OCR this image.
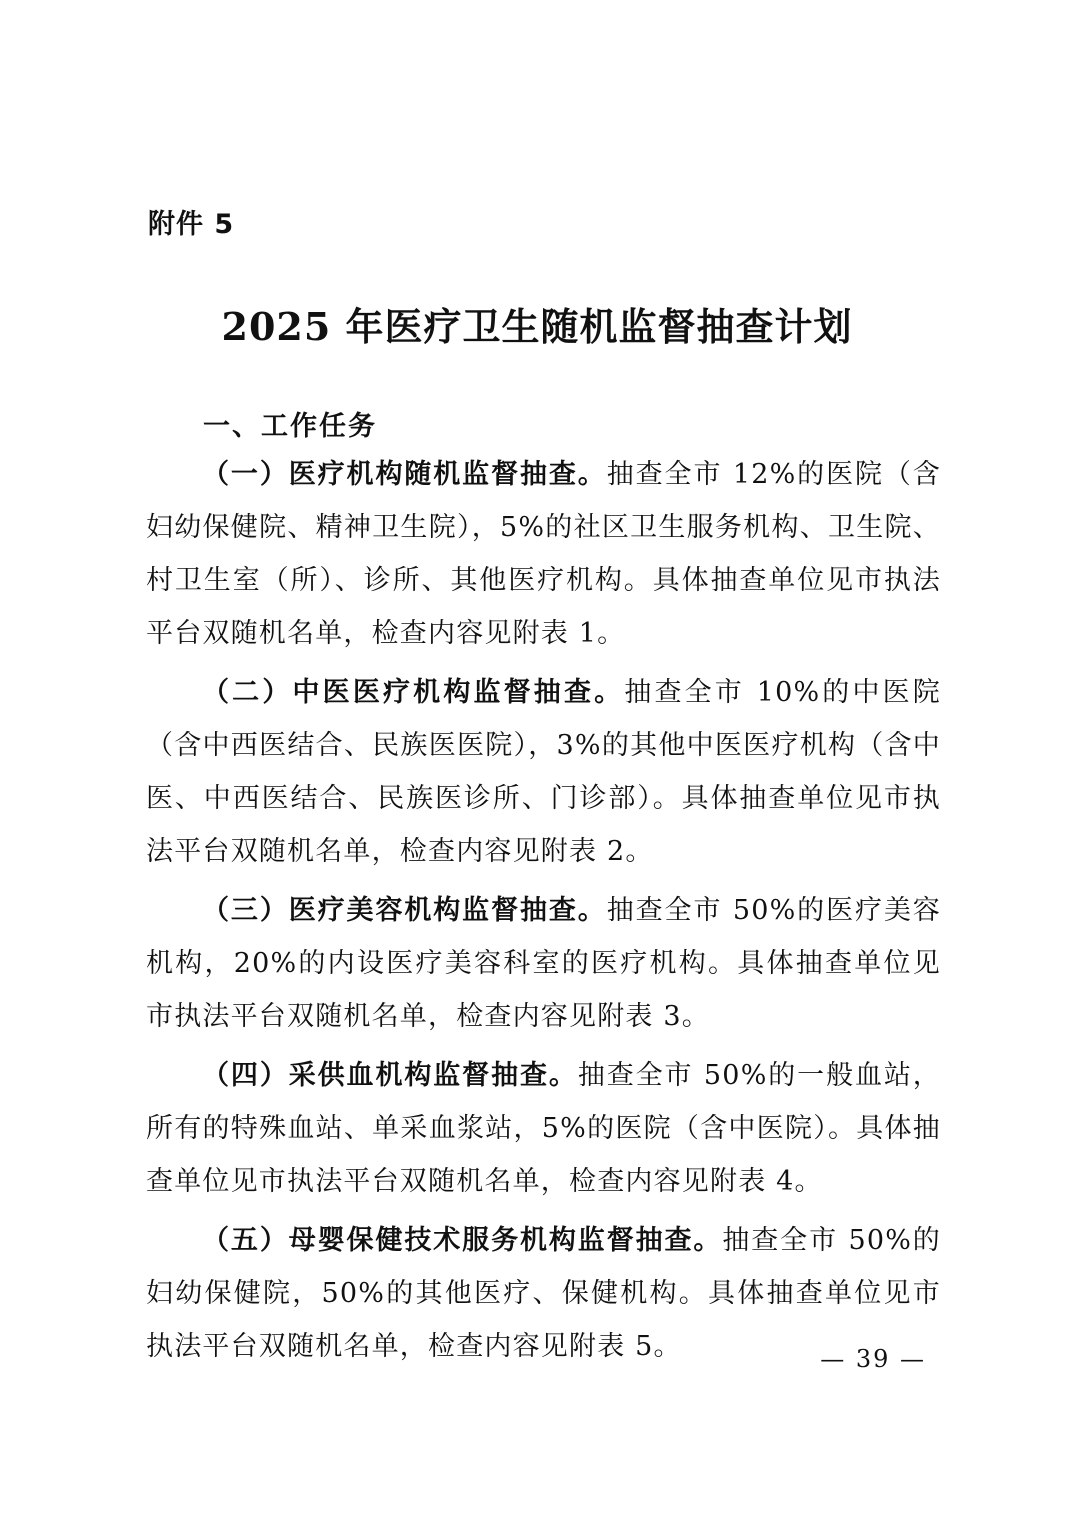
附件 5
2025 年医疗卫生随机监督抽查计划
一、工作任务

（一）医疗机构随机监督抽查。抽查全市 12%的医院（含妇幼保健院、精神卫生院），5%的社区卫生服务机构、卫生院、村卫生室（所）、诊所、其他医疗机构。具体抽查单位见市执法平台双随机名单，检查内容见附表 1。

（二）中医医疗机构监督抽查。抽查全市 10%的中医院（含中西医结合、民族医医院），3%的其他中医医疗机构（含中医、中西医结合、民族医诊所、门诊部）。具体抽查单位见市执法平台双随机名单，检查内容见附表 2。

（三）医疗美容机构监督抽查。抽查全市 50%的医疗美容机构，20%的内设医疗美容科室的医疗机构。具体抽查单位见市执法平台双随机名单，检查内容见附表 3。

（四）采供血机构监督抽查。抽查全市 50%的一般血站，所有的特殊血站、单采血浆站，5%的医院（含中医院）。具体抽查单位见市执法平台双随机名单，检查内容见附表 4。

（五）母婴保健技术服务机构监督抽查。抽查全市 50%的妇幼保健院，50%的其他医疗、保健机构。具体抽查单位见市执法平台双随机名单，检查内容见附表 5。	— 39 —
